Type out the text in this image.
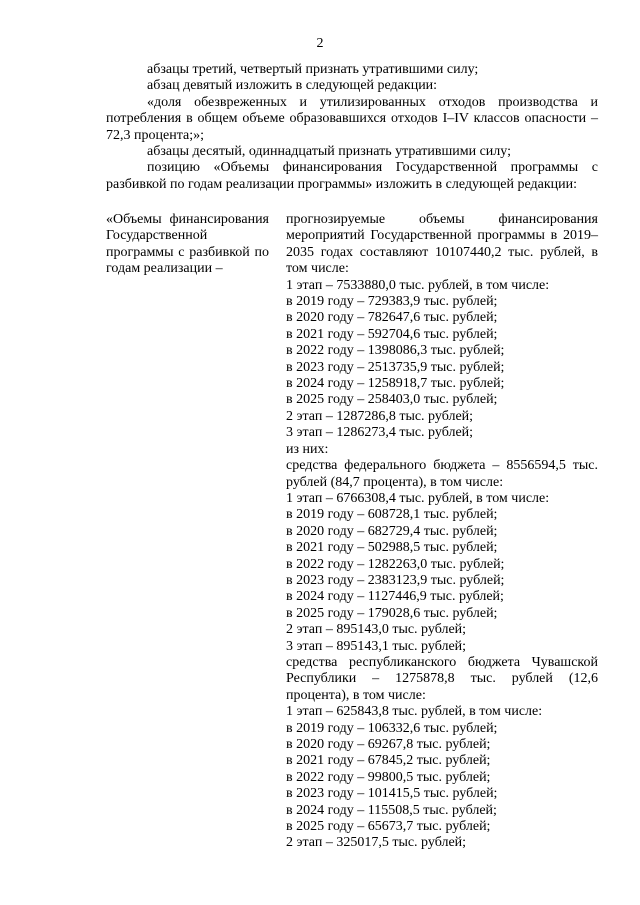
2

абзацы третий, четвертый признать утратившими силу;

абзац девятый изложить в следующей редакции:

«доля обезвреженных и утилизированных отходов производства и потребления в общем объеме образовавшихся отходов I–IV классов опасности – 72,3 процента;»;

абзацы десятый, одиннадцатый признать утратившими силу;

позицию «Объемы финансирования Государственной программы с разбивкой по годам реализации программы» изложить в следующей редакции:

«Объемы финансирования Государственной программы с разбивкой по годам реализации –

прогнозируемые объемы финансирования мероприятий Государственной программы в 2019–2035 годах составляют 10107440,2 тыс. рублей, в том числе:

1 этап – 7533880,0 тыс. рублей, в том числе:

в 2019 году – 729383,9 тыс. рублей;

в 2020 году – 782647,6 тыс. рублей;

в 2021 году – 592704,6 тыс. рублей;

в 2022 году – 1398086,3 тыс. рублей;

в 2023 году – 2513735,9 тыс. рублей;

в 2024 году – 1258918,7 тыс. рублей;

в 2025 году – 258403,0 тыс. рублей;

2 этап – 1287286,8 тыс. рублей;

3 этап – 1286273,4 тыс. рублей;

из них:

средства федерального бюджета – 8556594,5 тыс. рублей (84,7 процента), в том числе:

1 этап – 6766308,4 тыс. рублей, в том числе:

в 2019 году – 608728,1 тыс. рублей;

в 2020 году – 682729,4 тыс. рублей;

в 2021 году – 502988,5 тыс. рублей;

в 2022 году – 1282263,0 тыс. рублей;

в 2023 году – 2383123,9 тыс. рублей;

в 2024 году – 1127446,9 тыс. рублей;

в 2025 году – 179028,6 тыс. рублей;

2 этап – 895143,0 тыс. рублей;

3 этап – 895143,1 тыс. рублей;

средства республиканского бюджета Чувашской Республики – 1275878,8 тыс. рублей (12,6 процента), в том числе:

1 этап – 625843,8 тыс. рублей, в том числе:

в 2019 году – 106332,6 тыс. рублей;

в 2020 году – 69267,8 тыс. рублей;

в 2021 году – 67845,2 тыс. рублей;

в 2022 году – 99800,5 тыс. рублей;

в 2023 году – 101415,5 тыс. рублей;

в 2024 году – 115508,5 тыс. рублей;

в 2025 году – 65673,7 тыс. рублей;

2 этап – 325017,5 тыс. рублей;
